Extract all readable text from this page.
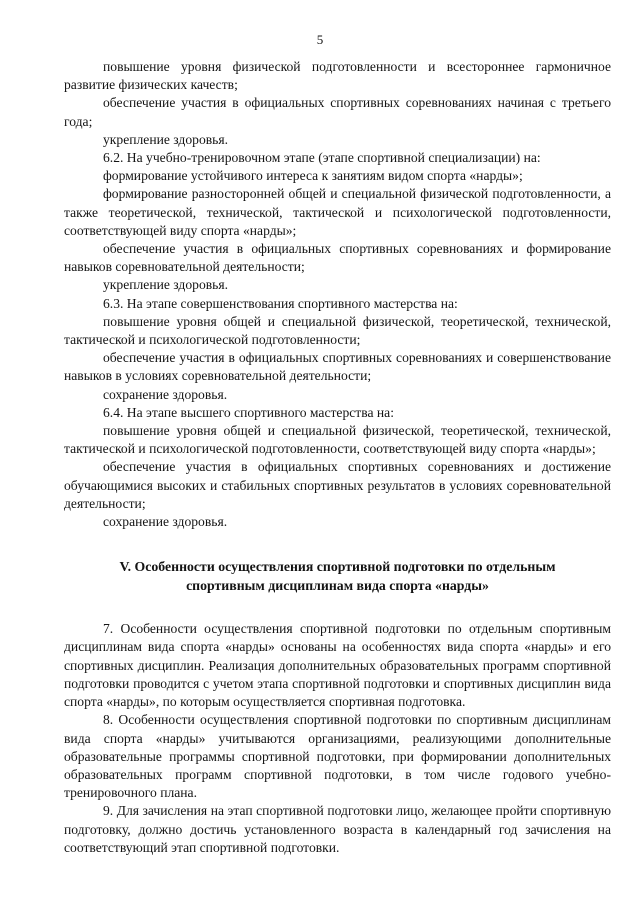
5

повышение уровня физической подготовленности и всестороннее гармоничное развитие физических качеств;

обеспечение участия в официальных спортивных соревнованиях начиная с третьего года;

укрепление здоровья.

6.2. На учебно-тренировочном этапе (этапе спортивной специализации) на:

формирование устойчивого интереса к занятиям видом спорта «нарды»;

формирование разносторонней общей и специальной физической подготовленности, а также теоретической, технической, тактической и психологической подготовленности, соответствующей виду спорта «нарды»;

обеспечение участия в официальных спортивных соревнованиях и формирование навыков соревновательной деятельности;

укрепление здоровья.

6.3. На этапе совершенствования спортивного мастерства на:

повышение уровня общей и специальной физической, теоретической, технической, тактической и психологической подготовленности;

обеспечение участия в официальных спортивных соревнованиях и совершенствование навыков в условиях соревновательной деятельности;

сохранение здоровья.

6.4. На этапе высшего спортивного мастерства на:

повышение уровня общей и специальной физической, теоретической, технической, тактической и психологической подготовленности, соответствующей виду спорта «нарды»;

обеспечение участия в официальных спортивных соревнованиях и достижение обучающимися высоких и стабильных спортивных результатов в условиях соревновательной деятельности;

сохранение здоровья.

V. Особенности осуществления спортивной подготовки по отдельным спортивным дисциплинам вида спорта «нарды»

7. Особенности осуществления спортивной подготовки по отдельным спортивным дисциплинам вида спорта «нарды» основаны на особенностях вида спорта «нарды» и его спортивных дисциплин. Реализация дополнительных образовательных программ спортивной подготовки проводится с учетом этапа спортивной подготовки и спортивных дисциплин вида спорта «нарды», по которым осуществляется спортивная подготовка.

8. Особенности осуществления спортивной подготовки по спортивным дисциплинам вида спорта «нарды» учитываются организациями, реализующими дополнительные образовательные программы спортивной подготовки, при формировании дополнительных образовательных программ спортивной подготовки, в том числе годового учебно-тренировочного плана.

9. Для зачисления на этап спортивной подготовки лицо, желающее пройти спортивную подготовку, должно достичь установленного возраста в календарный год зачисления на соответствующий этап спортивной подготовки.
